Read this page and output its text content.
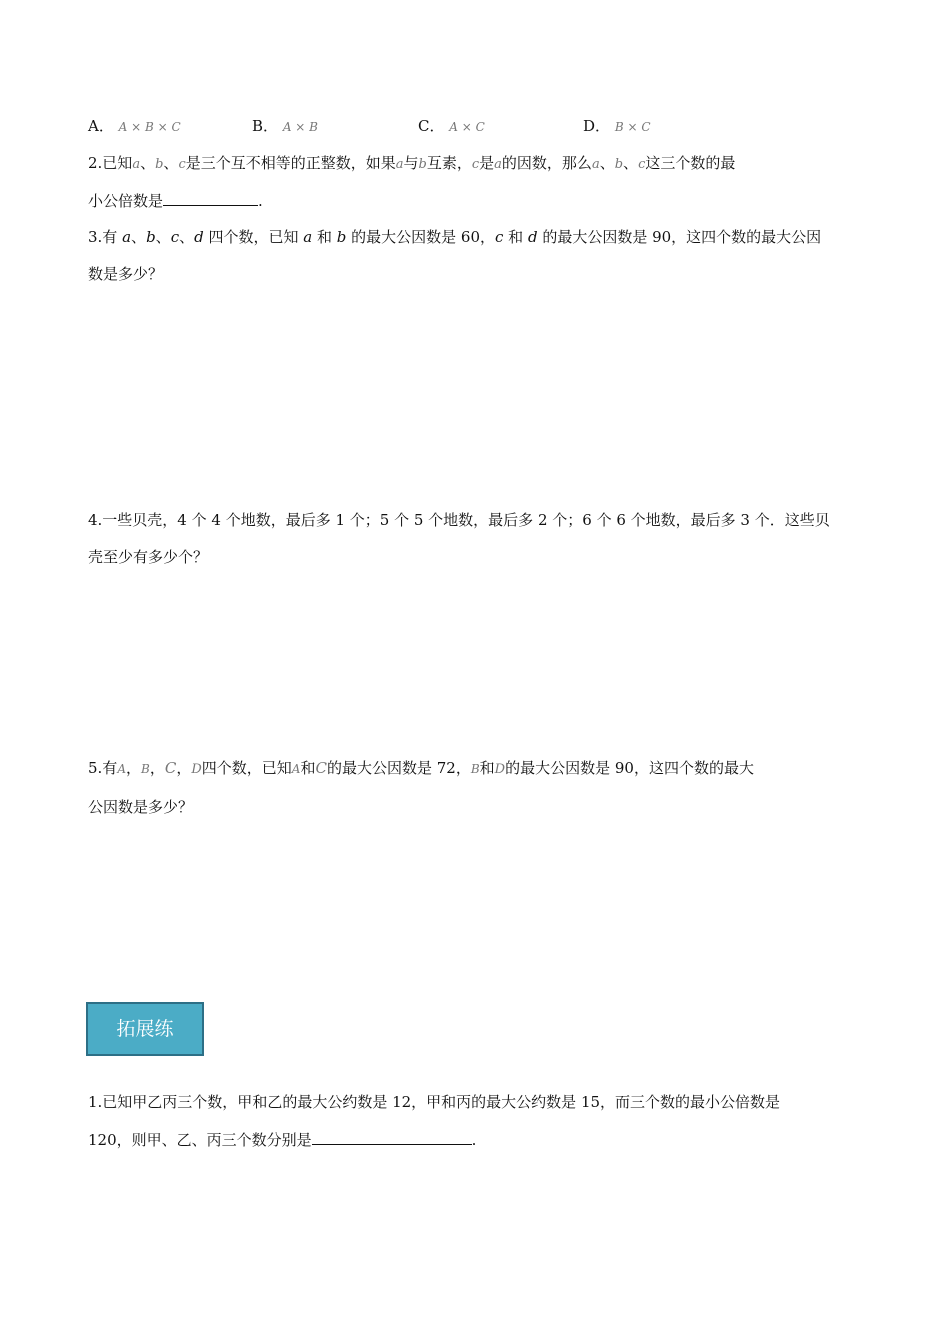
A． A × B × C	B． A × B	C． A × C	D． B × C
2.已知a、b、c是三个互不相等的正整数，如果a与b互素，c是a的因数，那么a、b、c这三个数的最
小公倍数是	.
3.有 a、b、c、d 四个数，已知 a 和 b 的最大公因数是 60，c 和 d 的最大公因数是 90，这四个数的最大公因
数是多少？
4.一些贝壳，4 个 4 个地数，最后多 1 个；5 个 5 个地数，最后多 2 个；6 个 6 个地数，最后多 3 个．这些贝
壳至少有多少个？
5.有A，B，C，D四个数，已知A和C的最大公因数是 72，B和D的最大公因数是 90，这四个数的最大
公因数是多少？
拓展练
1.已知甲乙丙三个数，甲和乙的最大公约数是 12，甲和丙的最大公约数是 15，而三个数的最小公倍数是
120，则甲、乙、丙三个数分别是	.
